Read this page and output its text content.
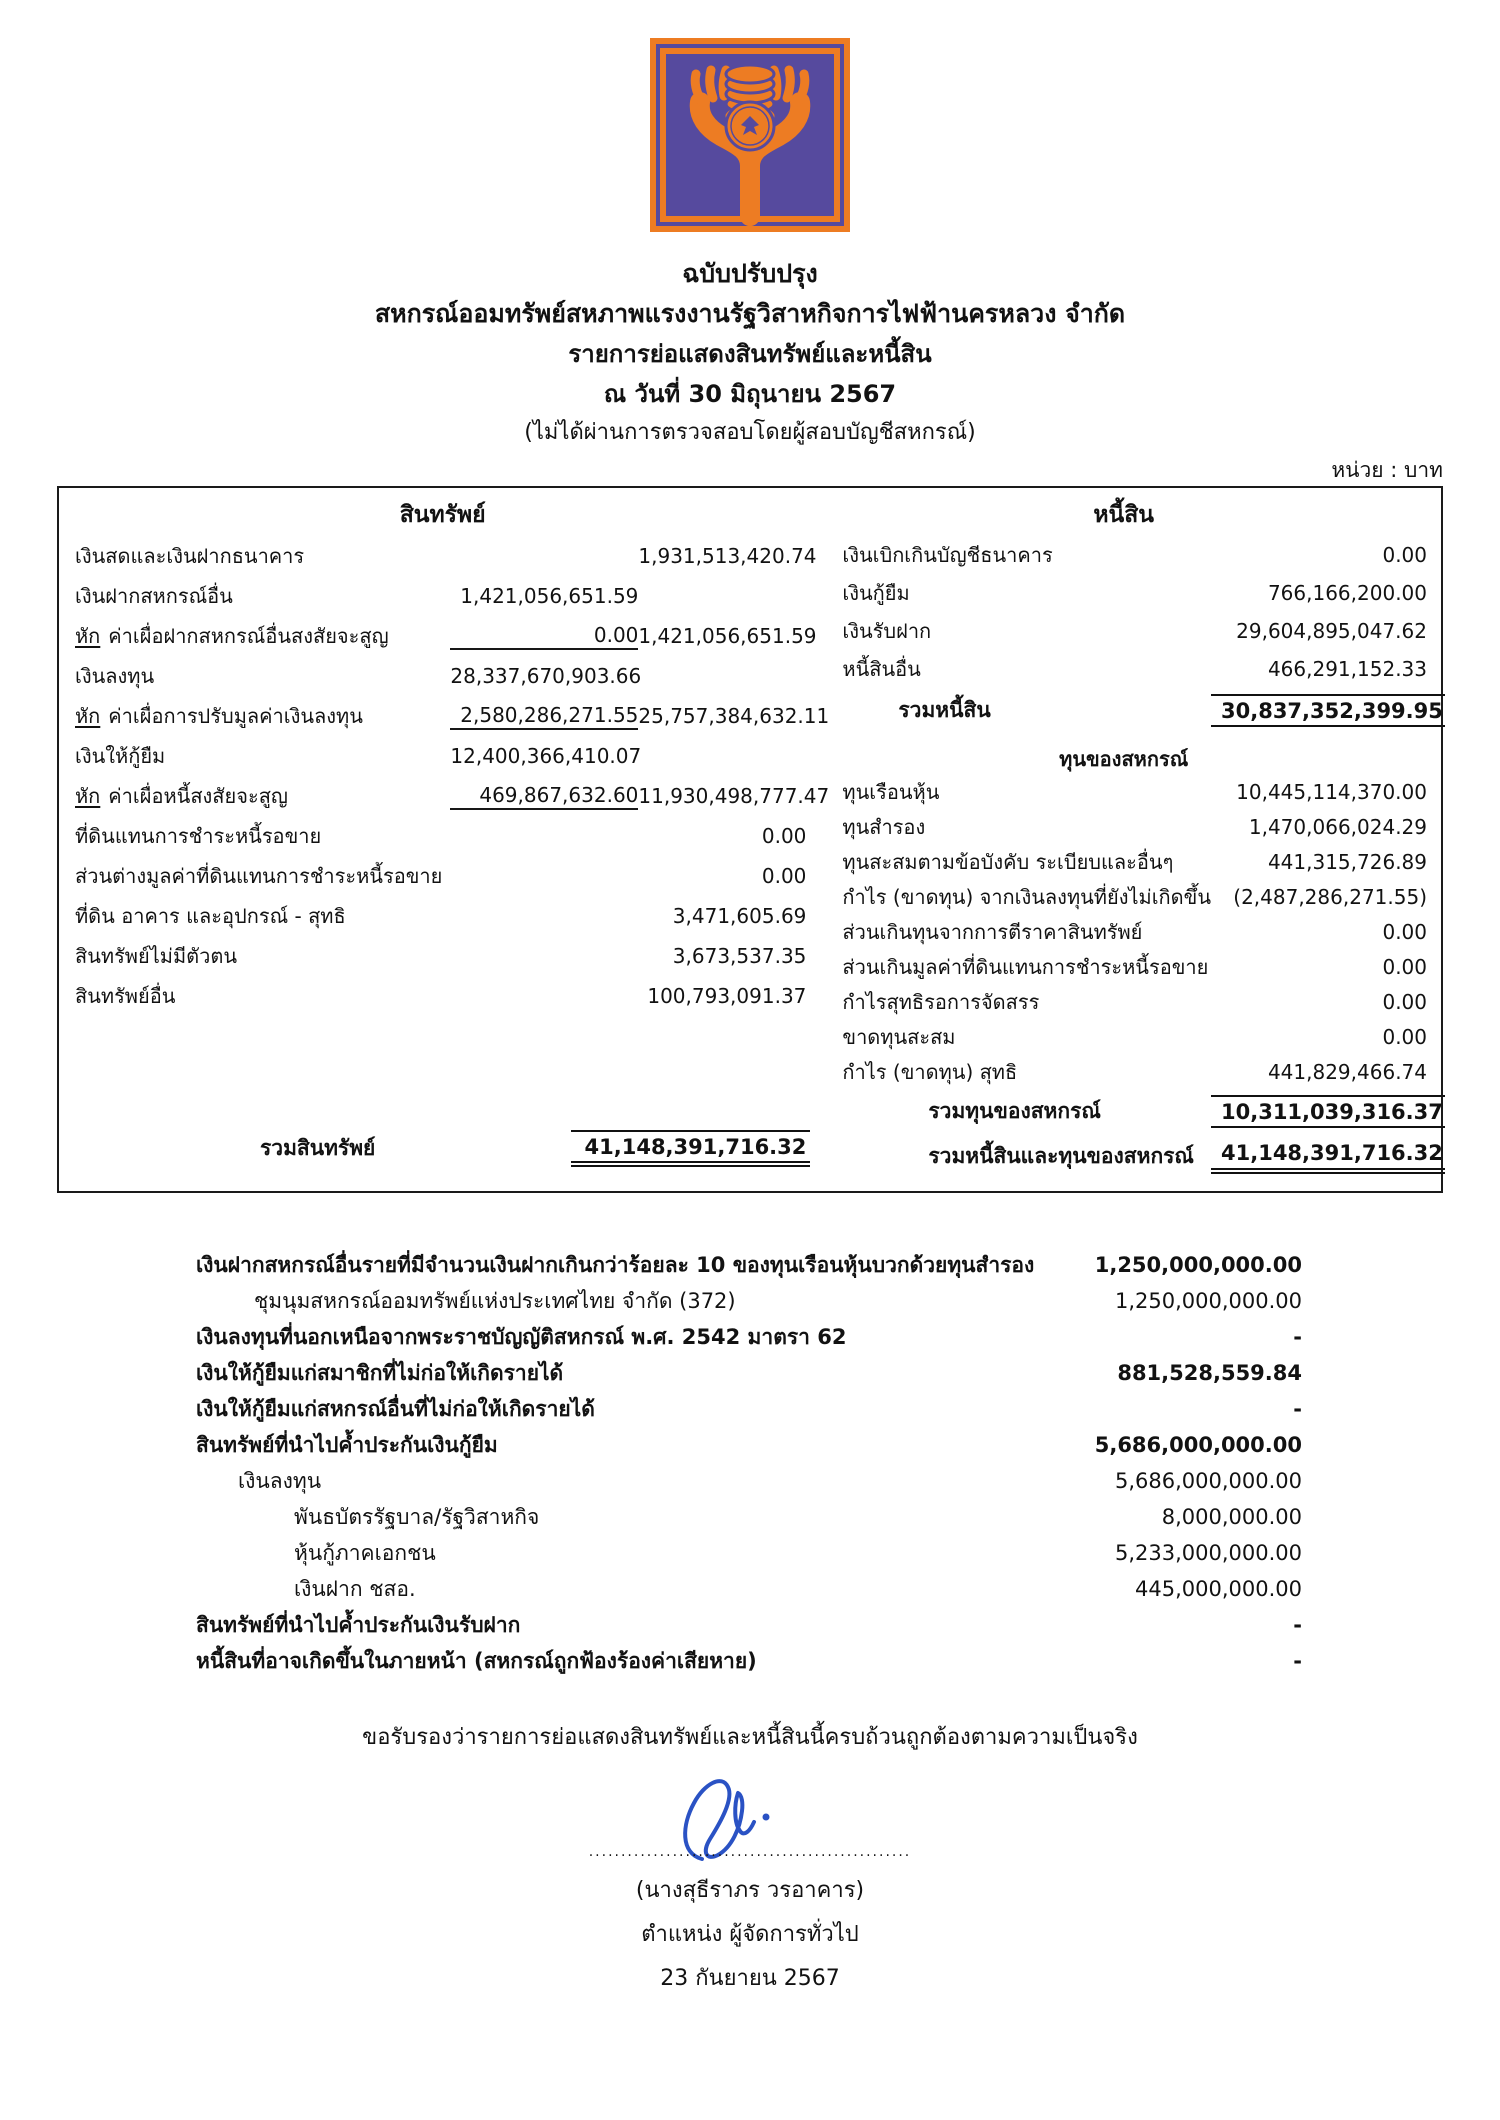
ฉบับปรับปรุง
สหกรณ์ออมทรัพย์สหภาพแรงงานรัฐวิสาหกิจการไฟฟ้านครหลวง จำกัด
รายการย่อแสดงสินทรัพย์และหนี้สิน
ณ วันที่ 30 มิถุนายน 2567
(ไม่ได้ผ่านการตรวจสอบโดยผู้สอบบัญชีสหกรณ์)
หน่วย : บาท
สินทรัพย์
เงินสดและเงินฝากธนาคาร	1,931,513,420.74
เงินฝากสหกรณ์อื่น	1,421,056,651.59
หัก ค่าเผื่อฝากสหกรณ์อื่นสงสัยจะสูญ	0.00 1,421,056,651.59
เงินลงทุน	28,337,670,903.66
หัก ค่าเผื่อการปรับมูลค่าเงินลงทุน	2,580,286,271.55 25,757,384,632.11
เงินให้กู้ยืม	12,400,366,410.07
หัก ค่าเผื่อหนี้สงสัยจะสูญ	469,867,632.60 11,930,498,777.47
ที่ดินแทนการชำระหนี้รอขาย	0.00
ส่วนต่างมูลค่าที่ดินแทนการชำระหนี้รอขาย	0.00
ที่ดิน อาคาร และอุปกรณ์ - สุทธิ	3,471,605.69
สินทรัพย์ไม่มีตัวตน	3,673,537.35
สินทรัพย์อื่น	100,793,091.37
รวมสินทรัพย์	41,148,391,716.32
หนี้สิน
เงินเบิกเกินบัญชีธนาคาร	0.00
เงินกู้ยืม	766,166,200.00
เงินรับฝาก	29,604,895,047.62
หนี้สินอื่น	466,291,152.33
รวมหนี้สิน	30,837,352,399.95
ทุนของสหกรณ์
ทุนเรือนหุ้น	10,445,114,370.00
ทุนสำรอง	1,470,066,024.29
ทุนสะสมตามข้อบังคับ ระเบียบและอื่นๆ	441,315,726.89
กำไร (ขาดทุน) จากเงินลงทุนที่ยังไม่เกิดขึ้น	(2,487,286,271.55)
ส่วนเกินทุนจากการตีราคาสินทรัพย์	0.00
ส่วนเกินมูลค่าที่ดินแทนการชำระหนี้รอขาย	0.00
กำไรสุทธิรอการจัดสรร	0.00
ขาดทุนสะสม	0.00
กำไร (ขาดทุน) สุทธิ	441,829,466.74
รวมทุนของสหกรณ์	10,311,039,316.37
รวมหนี้สินและทุนของสหกรณ์	41,148,391,716.32
เงินฝากสหกรณ์อื่นรายที่มีจำนวนเงินฝากเกินกว่าร้อยละ 10 ของทุนเรือนหุ้นบวกด้วยทุนสำรอง	1,250,000,000.00
ชุมนุมสหกรณ์ออมทรัพย์แห่งประเทศไทย จำกัด (372)	1,250,000,000.00
เงินลงทุนที่นอกเหนือจากพระราชบัญญัติสหกรณ์ พ.ศ. 2542 มาตรา 62	-
เงินให้กู้ยืมแก่สมาชิกที่ไม่ก่อให้เกิดรายได้	881,528,559.84
เงินให้กู้ยืมแก่สหกรณ์อื่นที่ไม่ก่อให้เกิดรายได้	-
สินทรัพย์ที่นำไปค้ำประกันเงินกู้ยืม	5,686,000,000.00
เงินลงทุน	5,686,000,000.00
พันธบัตรรัฐบาล/รัฐวิสาหกิจ	8,000,000.00
หุ้นกู้ภาคเอกชน	5,233,000,000.00
เงินฝาก ชสอ.	445,000,000.00
สินทรัพย์ที่นำไปค้ำประกันเงินรับฝาก	-
หนี้สินที่อาจเกิดขึ้นในภายหน้า (สหกรณ์ถูกฟ้องร้องค่าเสียหาย)	-
ขอรับรองว่ารายการย่อแสดงสินทรัพย์และหนี้สินนี้ครบถ้วนถูกต้องตามความเป็นจริง
..................................................
(นางสุธีราภร วรอาคาร)
ตำแหน่ง ผู้จัดการทั่วไป
23 กันยายน 2567
